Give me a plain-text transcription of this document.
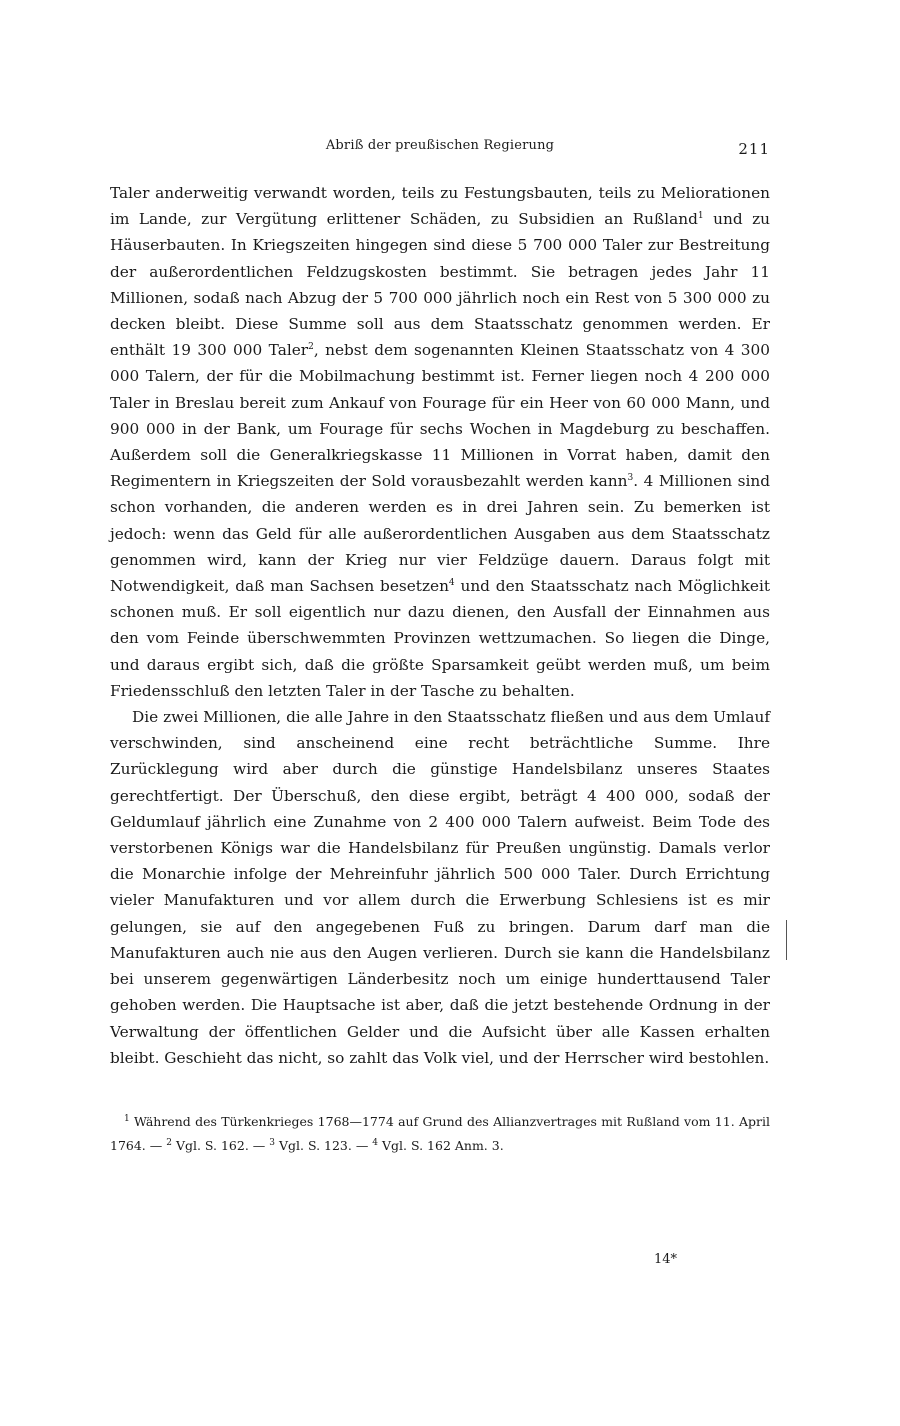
Abriß der preußischen Regierung	211

Taler anderweitig verwandt worden, teils zu Festungsbauten, teils zu Meliorationen im Lande, zur Vergütung erlittener Schäden, zu Subsidien an Rußland$^1$ und zu Häuserbauten. In Kriegszeiten hingegen sind diese 5 700 000 Taler zur Bestreitung der außerordentlichen Feldzugskosten bestimmt. Sie betragen jedes Jahr 11 Millionen, sodaß nach Abzug der 5 700 000 jährlich noch ein Rest von 5 300 000 zu decken bleibt. Diese Summe soll aus dem Staatsschatz genommen werden. Er enthält 19 300 000 Taler$^2$, nebst dem sogenannten Kleinen Staatsschatz von 4 300 000 Talern, der für die Mobilmachung bestimmt ist. Ferner liegen noch 4 200 000 Taler in Breslau bereit zum Ankauf von Fourage für ein Heer von 60 000 Mann, und 900 000 in der Bank, um Fourage für sechs Wochen in Magdeburg zu beschaffen. Außerdem soll die Generalkriegskasse 11 Millionen in Vorrat haben, damit den Regimentern in Kriegszeiten der Sold vorausbezahlt werden kann$^3$. 4 Millionen sind schon vorhanden, die anderen werden es in drei Jahren sein. Zu bemerken ist jedoch: wenn das Geld für alle außerordentlichen Ausgaben aus dem Staatsschatz genommen wird, kann der Krieg nur vier Feldzüge dauern. Daraus folgt mit Notwendigkeit, daß man Sachsen besetzen$^4$ und den Staatsschatz nach Möglichkeit schonen muß. Er soll eigentlich nur dazu dienen, den Ausfall der Einnahmen aus den vom Feinde überschwemmten Provinzen wettzumachen. So liegen die Dinge, und daraus ergibt sich, daß die größte Sparsamkeit geübt werden muß, um beim Friedensschluß den letzten Taler in der Tasche zu behalten.

Die zwei Millionen, die alle Jahre in den Staatsschatz fließen und aus dem Umlauf verschwinden, sind anscheinend eine recht beträchtliche Summe. Ihre Zurücklegung wird aber durch die günstige Handelsbilanz unseres Staates gerechtfertigt. Der Überschuß, den diese ergibt, beträgt 4 400 000, sodaß der Geldumlauf jährlich eine Zunahme von 2 400 000 Talern aufweist. Beim Tode des verstorbenen Königs war die Handelsbilanz für Preußen ungünstig. Damals verlor die Monarchie infolge der Mehreinfuhr jährlich 500 000 Taler. Durch Errichtung vieler Manufakturen und vor allem durch die Erwerbung Schlesiens ist es mir gelungen, sie auf den angegebenen Fuß zu bringen. Darum darf man die Manufakturen auch nie aus den Augen verlieren. Durch sie kann die Handelsbilanz bei unserem gegenwärtigen Länderbesitz noch um einige hunderttausend Taler gehoben werden. Die Hauptsache ist aber, daß die jetzt bestehende Ordnung in der Verwaltung der öffentlichen Gelder und die Aufsicht über alle Kassen erhalten bleibt. Geschieht das nicht, so zahlt das Volk viel, und der Herrscher wird bestohlen.

$^1$ Während des Türkenkrieges 1768—1774 auf Grund des Allianzvertrages mit Rußland vom 11. April 1764. — $^2$ Vgl. S. 162. — $^3$ Vgl. S. 123. — $^4$ Vgl. S. 162 Anm. 3.

14*
